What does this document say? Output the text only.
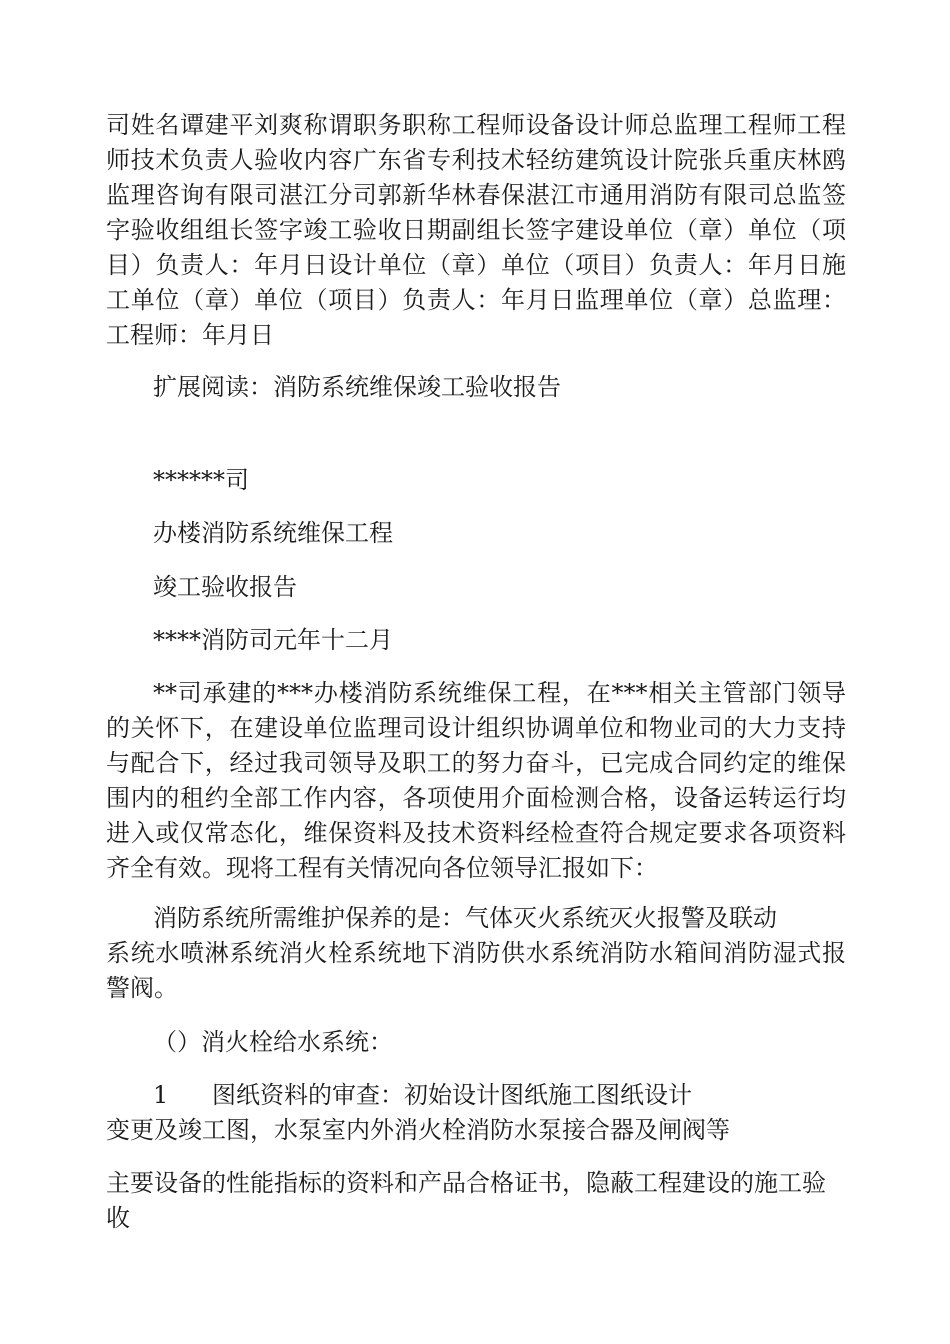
司姓名谭建平刘爽称谓职务职称工程师设备设计师总监理工程师工程师技术负责人验收内容广东省专利技术轻纺建筑设计院张兵重庆林鸥监理咨询有限司湛江分司郭新华林春保湛江市通用消防有限司总监签字验收组组长签字竣工验收日期副组长签字建设单位（章）单位（项目）负责人：年月日设计单位（章）单位（项目）负责人：年月日施工单位（章）单位（项目）负责人：年月日监理单位（章）总监理：工程师：年月日

扩展阅读：消防系统维保竣工验收报告

******司

办楼消防系统维保工程

竣工验收报告

****消防司元年十二月

**司承建的***办楼消防系统维保工程，在***相关主管部门领导的关怀下，在建设单位监理司设计组织协调单位和物业司的大力支持与配合下，经过我司领导及职工的努力奋斗，已完成合同约定的维保围内的租约全部工作内容，各项使用介面检测合格，设备运转运行均进入或仅常态化，维保资料及技术资料经检查符合规定要求各项资料齐全有效。现将工程有关情况向各位领导汇报如下：

消防系统所需维护保养的是：气体灭火系统灭火报警及联动

系统水喷淋系统消火栓系统地下消防供水系统消防水箱间消防湿式报警阀。

（）消火栓给水系统：

1	图纸资料的审查：初始设计图纸施工图纸设计

变更及竣工图，水泵室内外消火栓消防水泵接合器及闸阀等

主要设备的性能指标的资料和产品合格证书，隐蔽工程建设的施工验收
